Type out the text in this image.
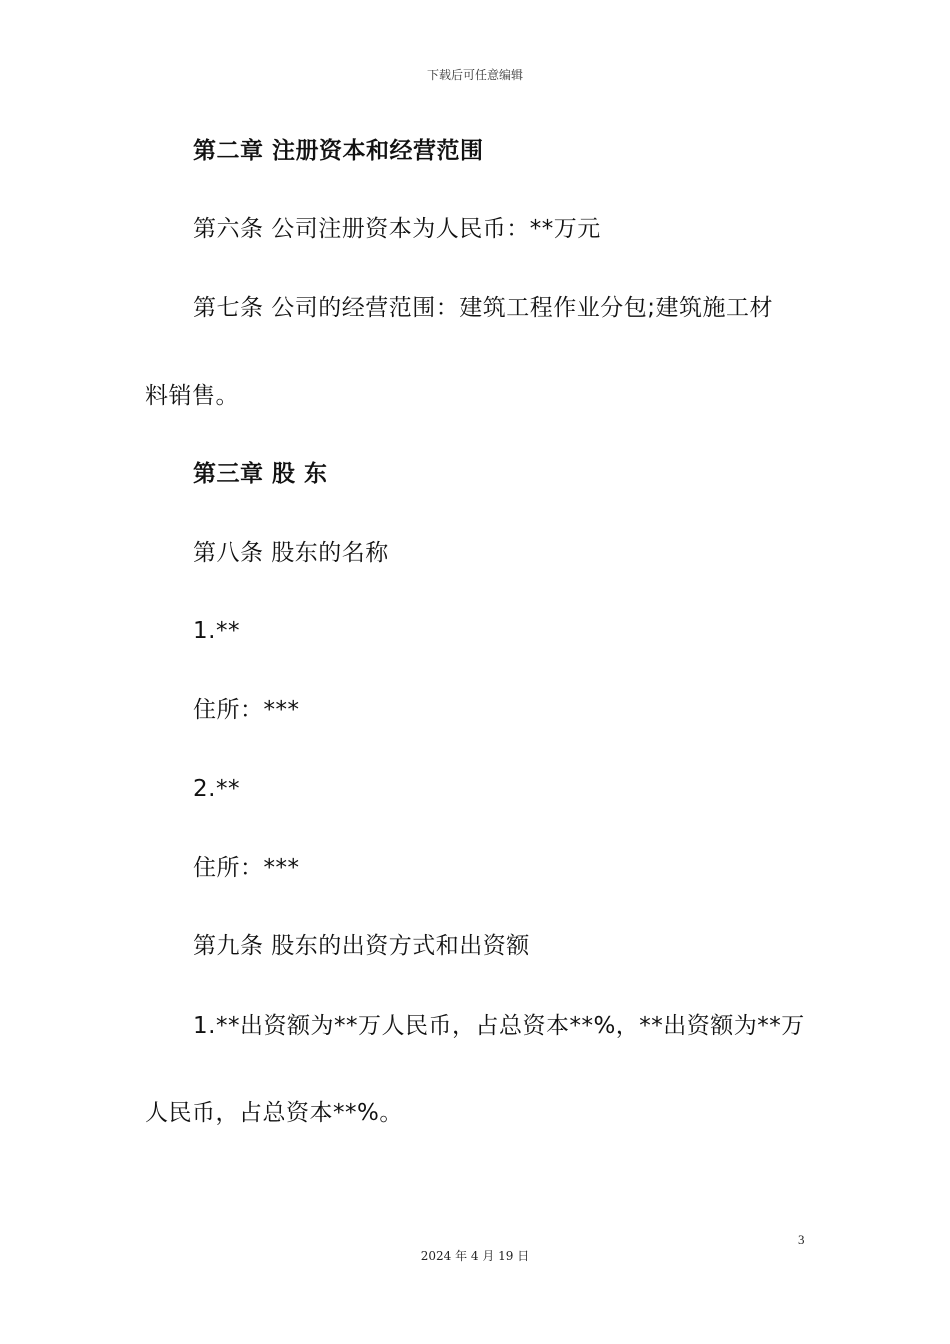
下载后可任意编辑
第二章 注册资本和经营范围
第六条 公司注册资本为人民币：**万元
第七条 公司的经营范围：建筑工程作业分包;建筑施工材
料销售。
第三章 股 东
第八条 股东的名称
1.**
住所：***
2.**
住所：***
第九条 股东的出资方式和出资额
1.**出资额为**万人民币，占总资本**%，**出资额为**万
人民币，占总资本**%。
3
2024 年 4 月 19 日
